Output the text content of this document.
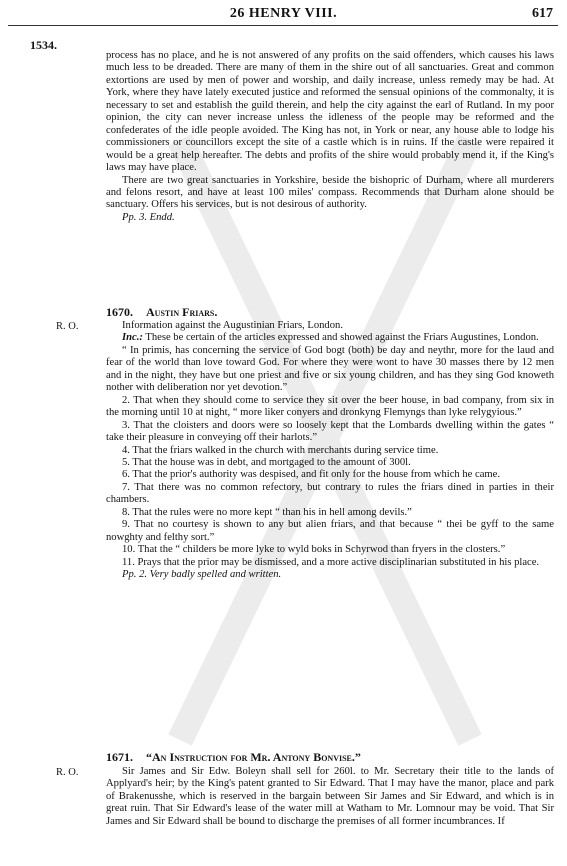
26 HENRY VIII.	617
1534.

process has no place, and he is not answered of any profits on the said offenders, which causes his laws much less to be dreaded. There are many of them in the shire out of all sanctuaries. Great and common extortions are used by men of power and worship, and daily increase, unless remedy may be had. At York, where they have lately executed justice and reformed the sensual opinions of the commonalty, it is necessary to set and establish the guild therein, and help the city against the earl of Rutland. In my poor opinion, the city can never increase unless the idleness of the people may be reformed and the confederates of the idle people avoided. The King has not, in York or near, any house able to lodge his commissioners or councillors except the site of a castle which is in ruins. If the castle were repaired it would be a great help hereafter. The debts and profits of the shire would probably mend it, if the King's laws may have place.

There are two great sanctuaries in Yorkshire, beside the bishopric of Durham, where all murderers and felons resort, and have at least 100 miles' compass. Recommends that Durham alone should be sanctuary. Offers his services, but is not desirous of authority.

Pp. 3. Endd.

1670. Austin Friars.
R. O.	Information against the Augustinian Friars, London.

Inc.: These be certain of the articles expressed and showed against the Friars Augustines, London.

“ In primis, has concerning the service of God bogt (both) be day and neythr, more for the laud and fear of the world than love toward God. For where they were wont to have 30 masses there by 12 men and in the night, they have but one priest and five or six young children, and has they sing God knoweth nother with deliberation nor yet devotion.”

2. That when they should come to service they sit over the beer house, in bad company, from six in the morning until 10 at night, “ more liker conyers and dronkyng Flemyngs than lyke relygyious.”

3. That the cloisters and doors were so loosely kept that the Lombards dwelling within the gates “ take their pleasure in conveying off their harlots.”

4. That the friars walked in the church with merchants during service time.

5. That the house was in debt, and mortgaged to the amount of 300l.

6. That the prior's authority was despised, and fit only for the house from which he came.

7. That there was no common refectory, but contrary to rules the friars dined in parties in their chambers.

8. That the rules were no more kept “ than his in hell among devils.”

9. That no courtesy is shown to any but alien friars, and that because “ thei be gyff to the same nowghty and felthy sort.”

10. That the “ childers be more lyke to wyld boks in Schyrwod than fryers in the closters.”

11. Prays that the prior may be dismissed, and a more active disciplinarian substituted in his place.

Pp. 2. Very badly spelled and written.

1671. “An Instruction for Mr. Antony Bonvise.”
R. O.	Sir James and Sir Edw. Boleyn shall sell for 260l. to Mr. Secretary their title to the lands of Applyard's heir; by the King's patent granted to Sir Edward. That I may have the manor, place and park of Brakenusshe, which is reserved in the bargain between Sir James and Sir Edward, and which is in great ruin. That Sir Edward's lease of the water mill at Watham to Mr. Lomnour may be void. That Sir James and Sir Edward shall be bound to discharge the premises of all former incumbrances. If
